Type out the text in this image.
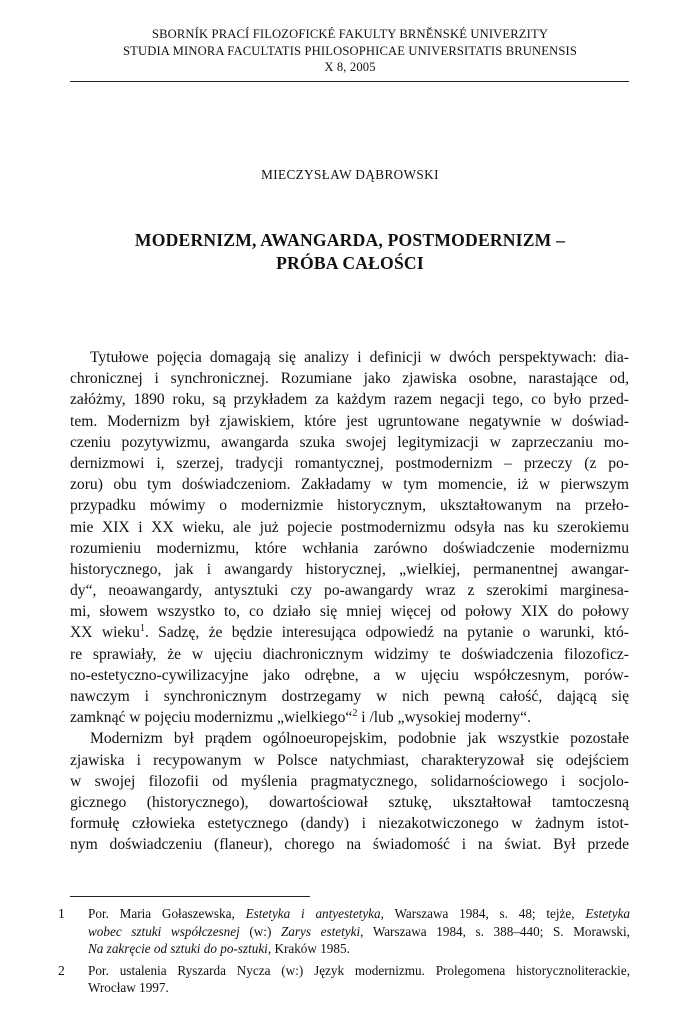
SBORNÍK PRACÍ FILOZOFICKÉ FAKULTY BRNĚNSKÉ UNIVERZITY
STUDIA MINORA FACULTATIS PHILOSOPHICAE UNIVERSITATIS BRUNENSIS
X 8, 2005
MIECZYSŁAW DĄBROWSKI
MODERNIZM, AWANGARDA, POSTMODERNIZM –
PRÓBA CAŁOŚCI
Tytułowe pojęcia domagają się analizy i definicji w dwóch perspektywach: dia-
chronicznej i synchronicznej. Rozumiane jako zjawiska osobne, narastające od,
załóżmy, 1890 roku, są przykładem za każdym razem negacji tego, co było przed-
tem. Modernizm był zjawiskiem, które jest ugruntowane negatywnie w doświad-
czeniu pozytywizmu, awangarda szuka swojej legitymizacji w zaprzeczaniu mo-
dernizmowi i, szerzej, tradycji romantycznej, postmodernizm – przeczy (z po-
zoru) obu tym doświadczeniom. Zakładamy w tym momencie, iż w pierwszym
przypadku mówimy o modernizmie historycznym, ukształtowanym na przeło-
mie XIX i XX wieku, ale już pojecie postmodernizmu odsyła nas ku szerokiemu
rozumieniu modernizmu, które wchłania zarówno doświadczenie modernizmu
historycznego, jak i awangardy historycznej, „wielkiej, permanentnej awangar-
dy“, neoawangardy, antysztuki czy po-awangardy wraz z szerokimi marginesa-
mi, słowem wszystko to, co działo się mniej więcej od połowy XIX do połowy
XX wieku$^1$. Sadzę, że będzie interesująca odpowiedź na pytanie o warunki, któ-
re sprawiały, że w ujęciu diachronicznym widzimy te doświadczenia filozoficz-
no-estetyczno-cywilizacyjne jako odrębne, a w ujęciu współczesnym, porów-
nawczym i synchronicznym dostrzegamy w nich pewną całość, dającą się
zamknąć w pojęciu modernizmu „wielkiego“$^2$ i /lub „wysokiej moderny“.
Modernizm był prądem ogólnoeuropejskim, podobnie jak wszystkie pozostałe
zjawiska i recypowanym w Polsce natychmiast, charakteryzował się odejściem
w swojej filozofii od myślenia pragmatycznego, solidarnościowego i socjolo-
gicznego (historycznego), dowartościował sztukę, ukształtował tamtoczesną
formułę człowieka estetycznego (dandy) i niezakotwiczonego w żadnym istot-
nym doświadczeniu (flaneur), chorego na świadomość i na świat. Był przede
1 Por. Maria Gołaszewska, Estetyka i antyestetyka, Warszawa 1984, s. 48; tejże, Estetyka
wobec sztuki współczesnej (w:) Zarys estetyki, Warszawa 1984, s. 388–440; S. Morawski,
Na zakręcie od sztuki do po-sztuki, Kraków 1985.
2 Por. ustalenia Ryszarda Nycza (w:) Język modernizmu. Prolegomena historycznoliterackie,
Wrocław 1997.
